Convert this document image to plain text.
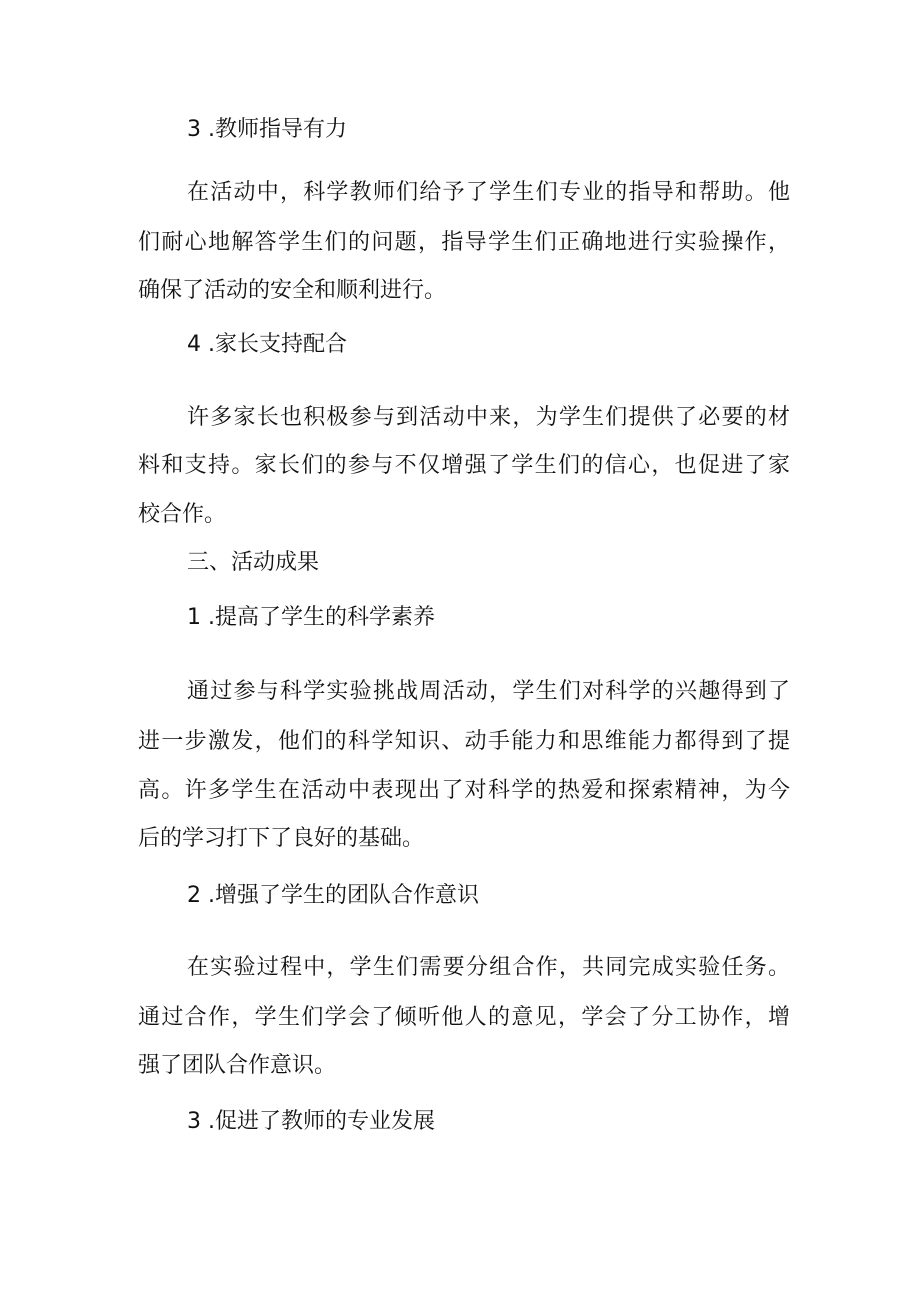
3 .教师指导有力
在活动中，科学教师们给予了学生们专业的指导和帮助。他
们耐心地解答学生们的问题，指导学生们正确地进行实验操作，
确保了活动的安全和顺利进行。
4 .家长支持配合
许多家长也积极参与到活动中来，为学生们提供了必要的材
料和支持。家长们的参与不仅增强了学生们的信心，也促进了家
校合作。
三、活动成果
1 .提高了学生的科学素养
通过参与科学实验挑战周活动，学生们对科学的兴趣得到了
进一步激发，他们的科学知识、动手能力和思维能力都得到了提
高。许多学生在活动中表现出了对科学的热爱和探索精神，为今
后的学习打下了良好的基础。
2 .增强了学生的团队合作意识
在实验过程中，学生们需要分组合作，共同完成实验任务。
通过合作，学生们学会了倾听他人的意见，学会了分工协作，增
强了团队合作意识。
3 .促进了教师的专业发展
